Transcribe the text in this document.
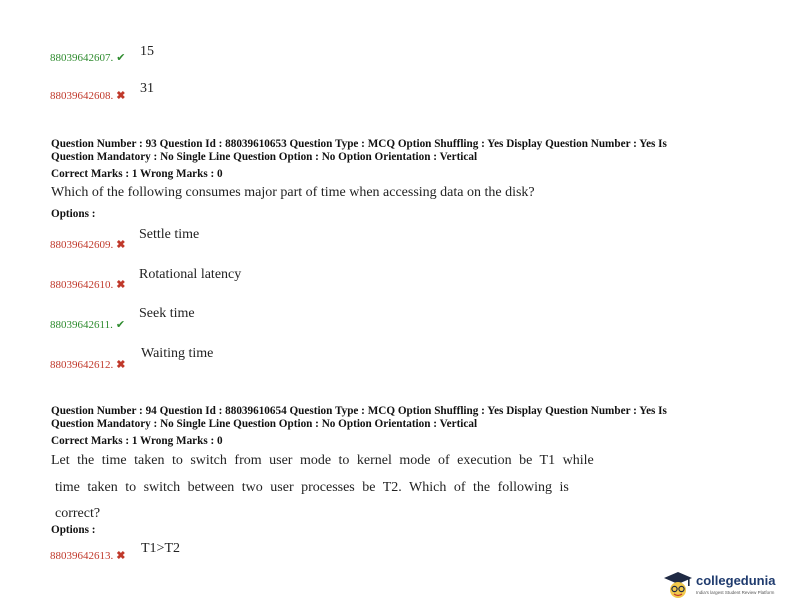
88039642607. ✔ 15
88039642608. ✖ 31
Question Number : 93 Question Id : 88039610653 Question Type : MCQ Option Shuffling : Yes Display Question Number : Yes Is
Question Mandatory : No Single Line Question Option : No Option Orientation : Vertical
Correct Marks : 1 Wrong Marks : 0
Which of the following consumes major part of time when accessing data on the disk?
Options :
88039642609. ✖
Settle time
88039642610. ✖
Rotational latency
88039642611. ✔
Seek time
88039642612. ✖
Waiting time
Question Number : 94 Question Id : 88039610654 Question Type : MCQ Option Shuffling : Yes Display Question Number : Yes Is
Question Mandatory : No Single Line Question Option : No Option Orientation : Vertical
Correct Marks : 1 Wrong Marks : 0
Let the time taken to switch from user mode to kernel mode of execution be T1 while
time taken to switch between two user processes be T2. Which of the following is
correct?
Options :
88039642613. ✖ T1>T2
collegedunia
India's largest Student Review Platform
